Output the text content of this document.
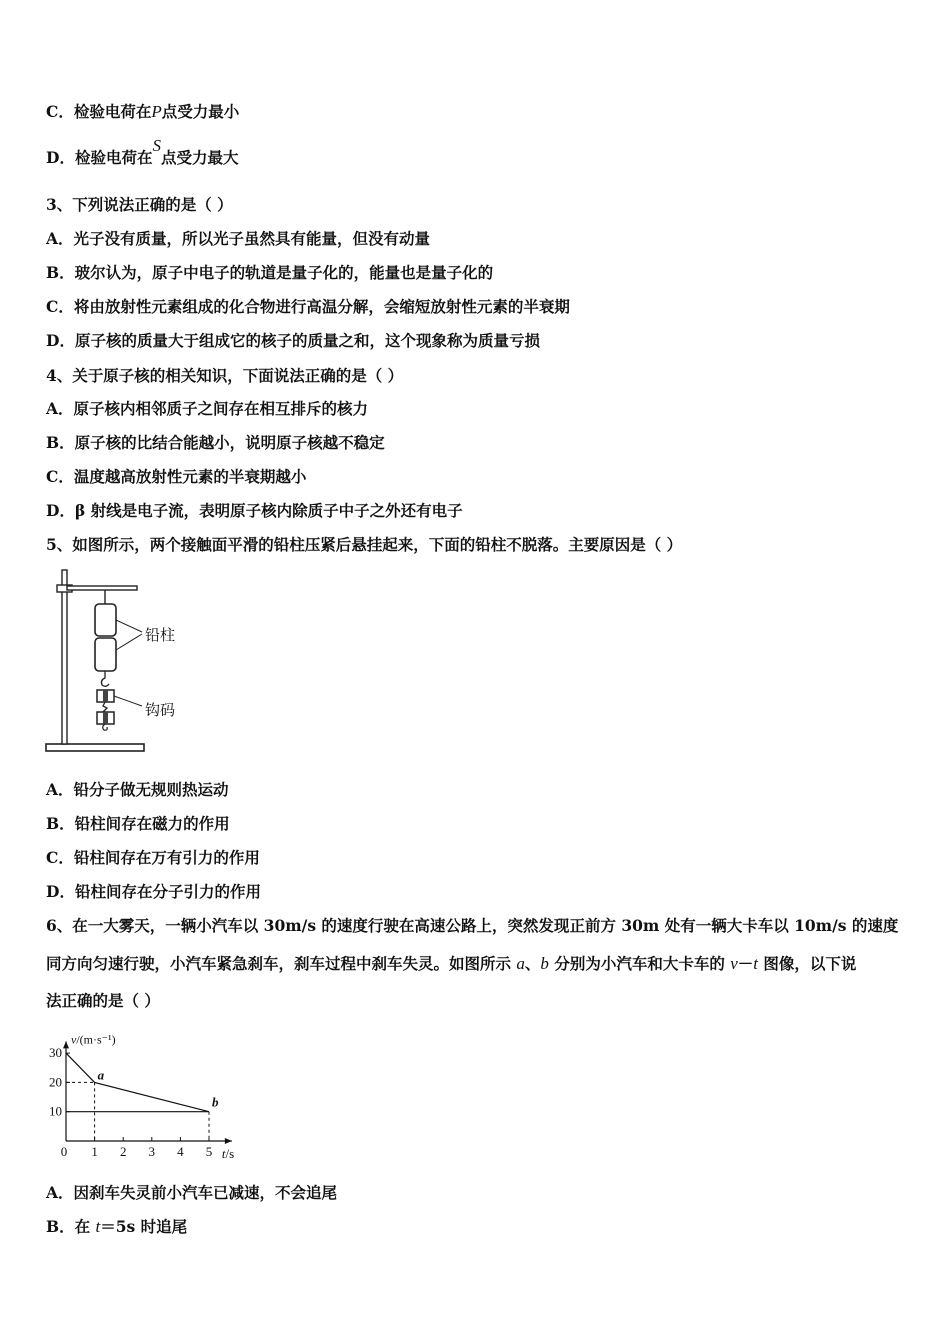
C．检验电荷在P点受力最小
D．检验电荷在S点受力最大
3、下列说法正确的是（ ）
A．光子没有质量，所以光子虽然具有能量，但没有动量
B．玻尔认为，原子中电子的轨道是量子化的，能量也是量子化的
C．将由放射性元素组成的化合物进行高温分解，会缩短放射性元素的半衰期
D．原子核的质量大于组成它的核子的质量之和，这个现象称为质量亏损
4、关于原子核的相关知识，下面说法正确的是（ ）
A．原子核内相邻质子之间存在相互排斥的核力
B．原子核的比结合能越小，说明原子核越不稳定
C．温度越高放射性元素的半衰期越小
D．β 射线是电子流，表明原子核内除质子中子之外还有电子
5、如图所示，两个接触面平滑的铅柱压紧后悬挂起来，下面的铅柱不脱落。主要原因是（ ）
铅柱
钩码
A．铅分子做无规则热运动
B．铅柱间存在磁力的作用
C．铅柱间存在万有引力的作用
D．铅柱间存在分子引力的作用
6、在一大雾天，一辆小汽车以 30m/s 的速度行驶在高速公路上，突然发现正前方 30m 处有一辆大卡车以 10m/s 的速度
同方向匀速行驶，小汽车紧急刹车，刹车过程中刹车失灵。如图所示 a、b 分别为小汽车和大卡车的 v－t 图像，以下说
法正确的是（ ）
0 1 2 3 4 5
10
20
30
v/(m·s⁻¹)
t/s
a
b
A．因刹车失灵前小汽车已减速，不会追尾
B．在 t＝5s 时追尾
